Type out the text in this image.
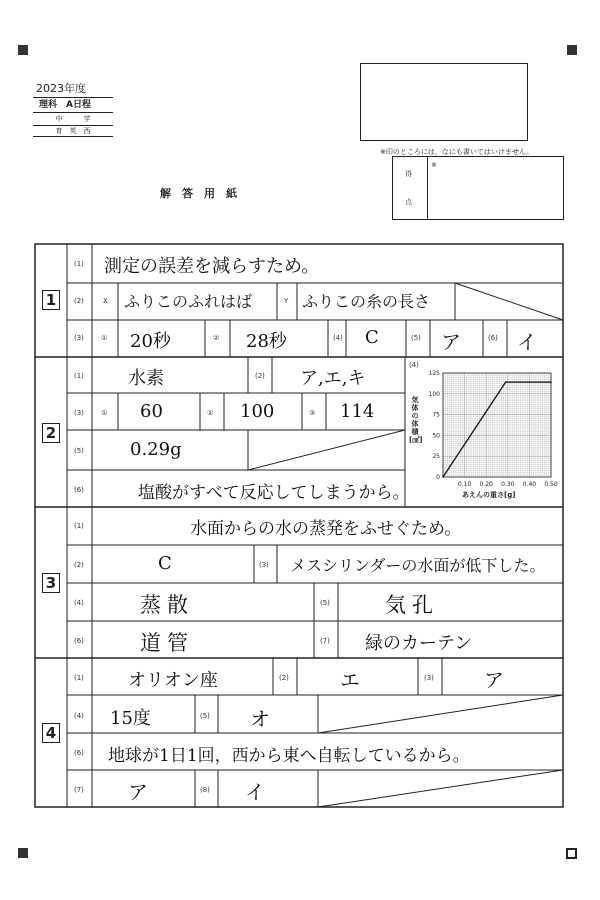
2023年度
理科　A日程
中　　　学
育　英　西
解　答　用　紙
※印のところには，なにも書いてはいけません。
得
点
※
1
2
3
4
(1) 測定の誤差を減らすため。
(2)	X ふりこのふれはば	Y ふりこの糸の長さ
(3) ① 20秒	② 28秒	(4) C	(5) ア	(6) イ
(1) 水素	(2) ア,エ,キ
(3) ① 60	② 100	③ 114
(5)	0.29g
(6)	塩酸がすべて反応してしまうから。
(4)
気体の体積[㎤]
あえんの重さ[g]
0.10 0.20 0.30 0.40 0.50
0
25
50
75
100
125
(1)	水面からの水の蒸発をふせぐため。
(2)	C	(3) メスシリンダーの水面が低下した。
(4)	蒸散	(5)	気孔
(6)	道管	(7) 緑のカーテン
(1) オリオン座	(2)	エ	(3)	ア
(4) 15度	(5) オ
(6) 地球が1日1回，西から東へ自転しているから。
(7) ア	(8) イ
